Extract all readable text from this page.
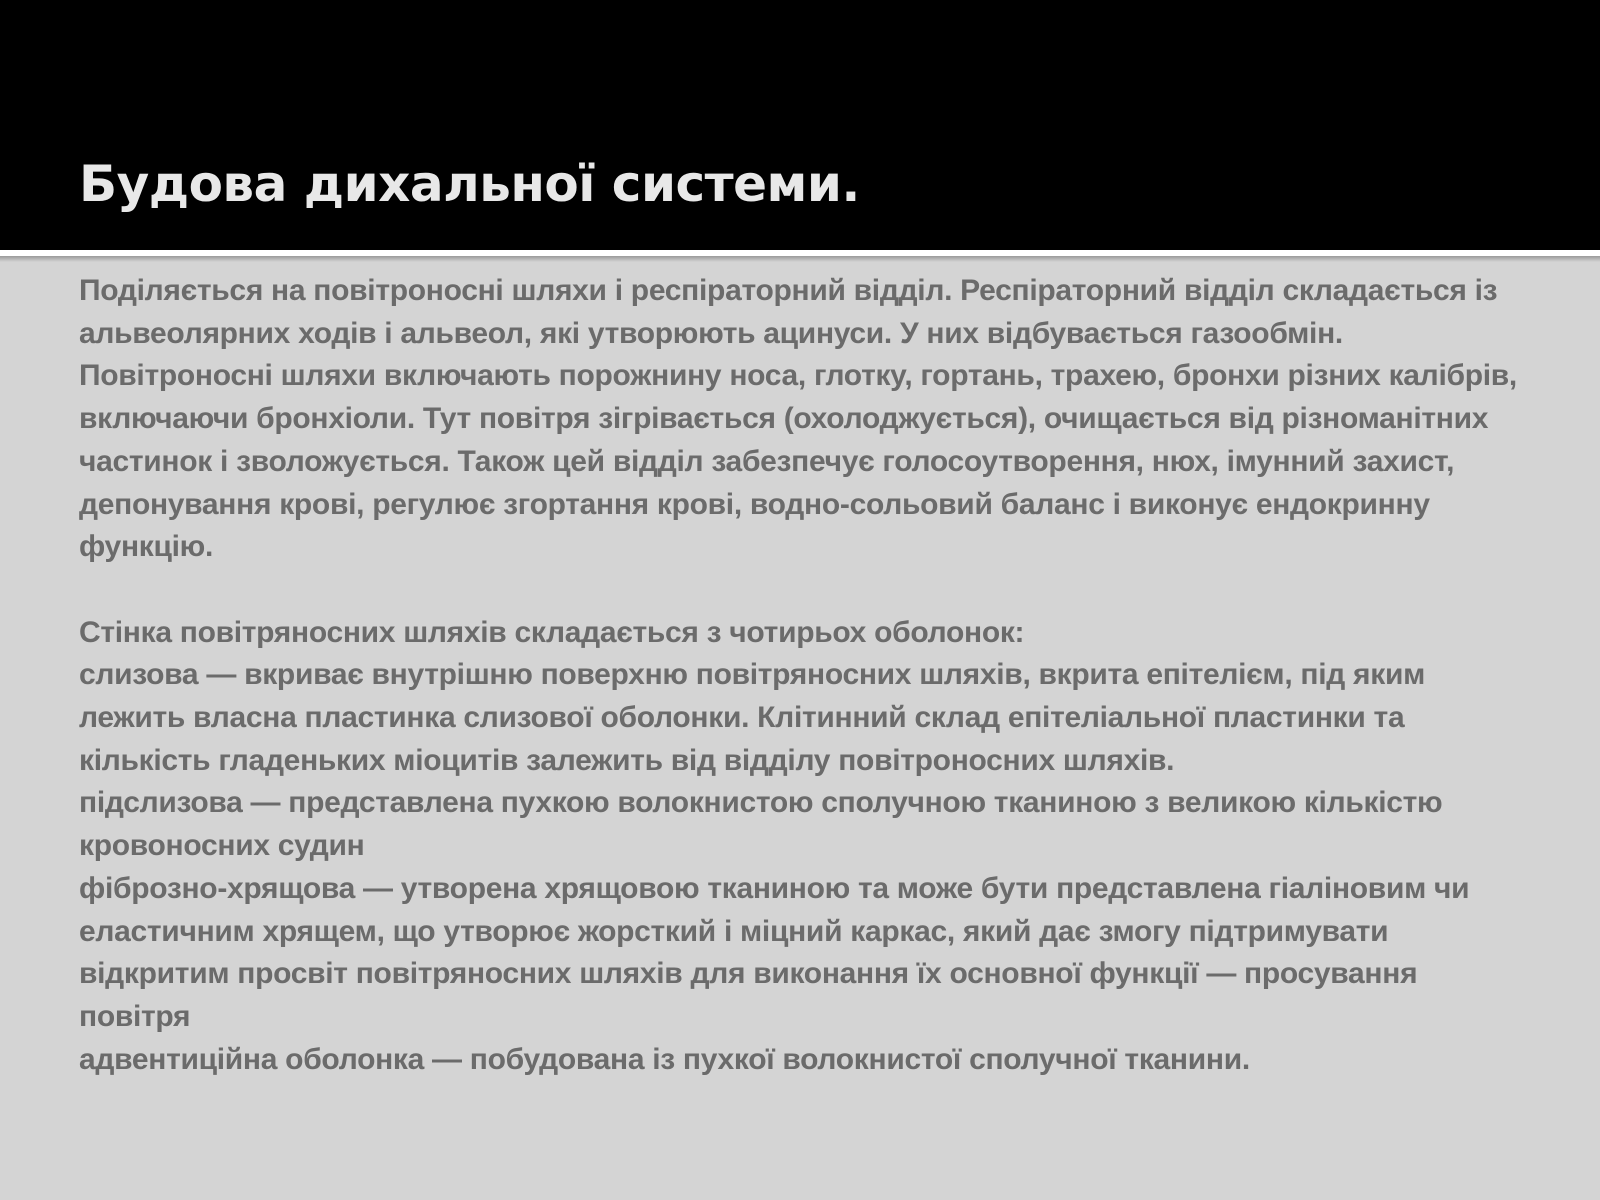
Будова дихальної системи.

Поділяється на повітроносні шляхи і респіраторний відділ. Респіраторний відділ складається із альвеолярних ходів і альвеол, які утворюють ацинуси. У них відбувається газообмін. Повітроносні шляхи включають порожнину носа, глотку, гортань, трахею, бронхи різних калібрів, включаючи бронхіоли. Тут повітря зігрівається (охолоджується), очищається від різноманітних частинок і зволожується. Також цей відділ забезпечує голосоутворення, нюх, імунний захист, депонування крові, регулює згортання крові, водно-сольовий баланс і виконує ендокринну функцію.

Стінка повітряносних шляхів складається з чотирьох оболонок:

слизова — вкриває внутрішню поверхню повітряносних шляхів, вкрита епітелієм, під яким лежить власна пластинка слизової оболонки. Клітинний склад епітеліальної пластинки та кількість гладеньких міоцитів залежить від відділу повітроносних шляхів.

підслизова — представлена пухкою волокнистою сполучною тканиною з великою кількістю кровоносних судин

фіброзно-хрящова — утворена хрящовою тканиною та може бути представлена гіаліновим чи еластичним хрящем, що утворює жорсткий і міцний каркас, який дає змогу підтримувати відкритим просвіт повітряносних шляхів для виконання їх основної функції — просування повітря

адвентиційна оболонка — побудована із пухкої волокнистої сполучної тканини.
